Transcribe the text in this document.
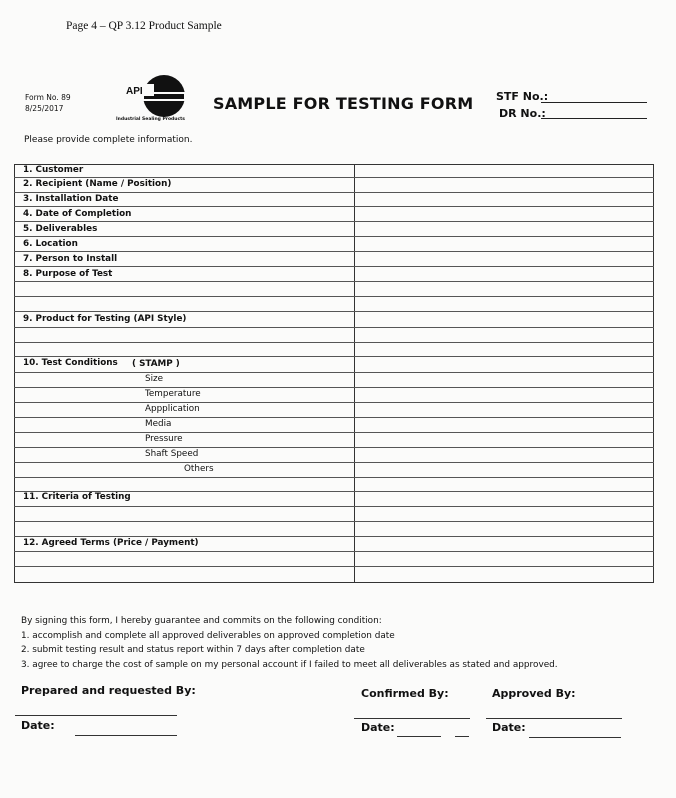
Page 4 – QP 3.12 Product Sample
Form No. 89
8/25/2017
API
Industrial Sealing Products
SAMPLE FOR TESTING FORM STF No.:
DR No.:
Please provide complete information.
1. Customer
2. Recipient (Name / Position)
3. Installation Date
4. Date of Completion
5. Deliverables
6. Location
7. Person to Install
8. Purpose of Test
9. Product for Testing (API Style)
10. Test Conditions ( STAMP )
Size
Temperature
Appplication
Media
Pressure
Shaft Speed
Others
11. Criteria of Testing
12. Agreed Terms (Price / Payment)
By signing this form, I hereby guarantee and commits on the following condition:
1. accomplish and complete all approved deliverables on approved completion date
2. submit testing result and status report within 7 days after completion date
3. agree to charge the cost of sample on my personal account if I failed to meet all deliverables as stated and approved.
Prepared and requested By:
Date:
Confirmed By:
Date:
Approved By:
Date:
